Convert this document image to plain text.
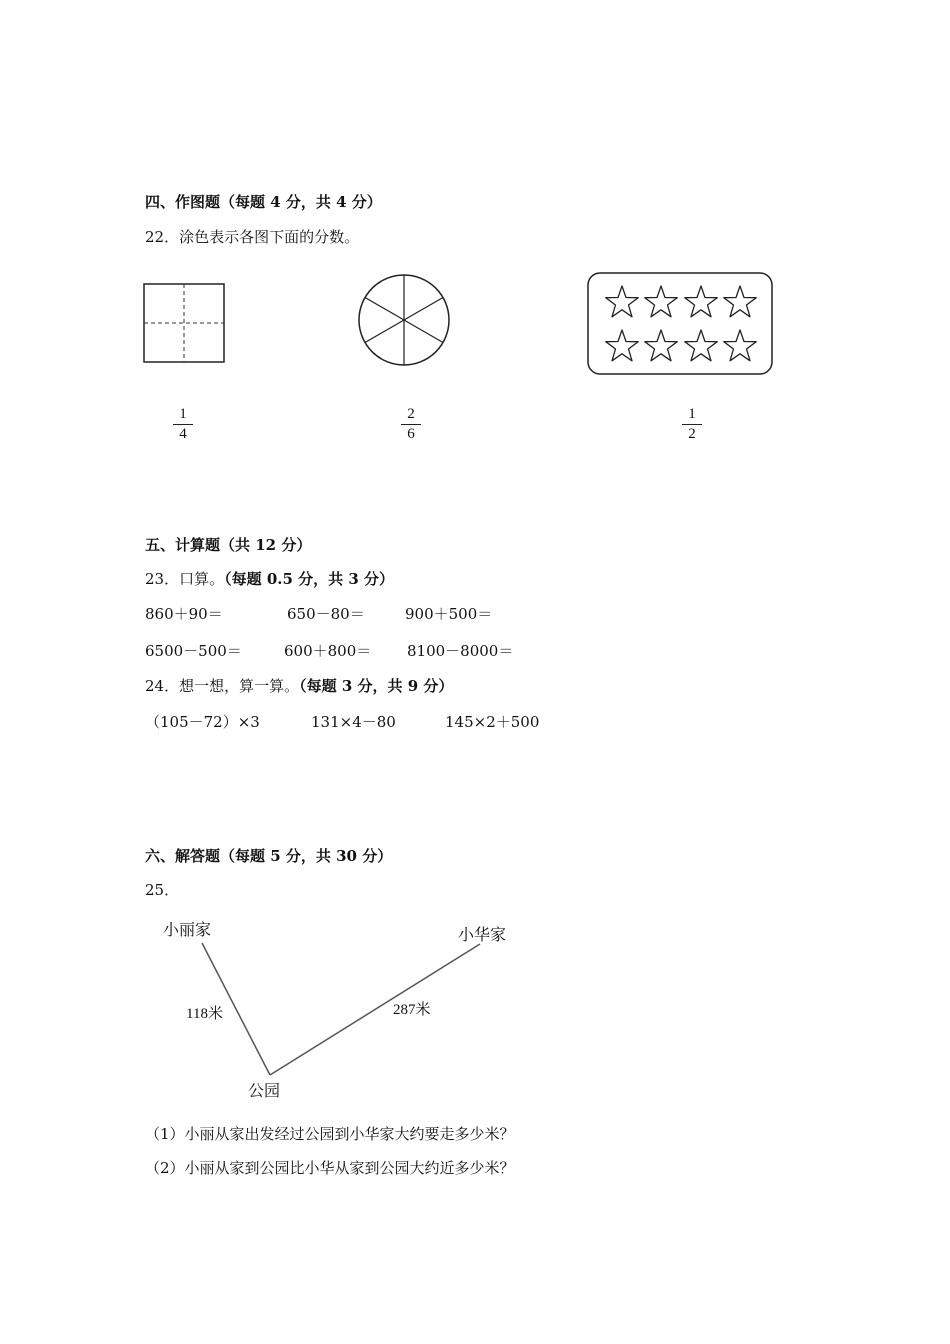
四、作图题（每题 4 分，共 4 分）
22．涂色表示各图下面的分数。
1
4
2
6
1
2
五、计算题（共 12 分）
23．口算。（每题 0.5 分，共 3 分）
860＋90＝	650－80＝	900＋500＝
6500－500＝	600＋800＝ 8100－8000＝
24．想一想，算一算。（每题 3 分，共 9 分）
（105－72）×3	131×4－80	145×2＋500
六、解答题（每题 5 分，共 30 分）
25．
小丽家	小华家
公园
118米	287米
（1）小丽从家出发经过公园到小华家大约要走多少米？
（2）小丽从家到公园比小华从家到公园大约近多少米？
